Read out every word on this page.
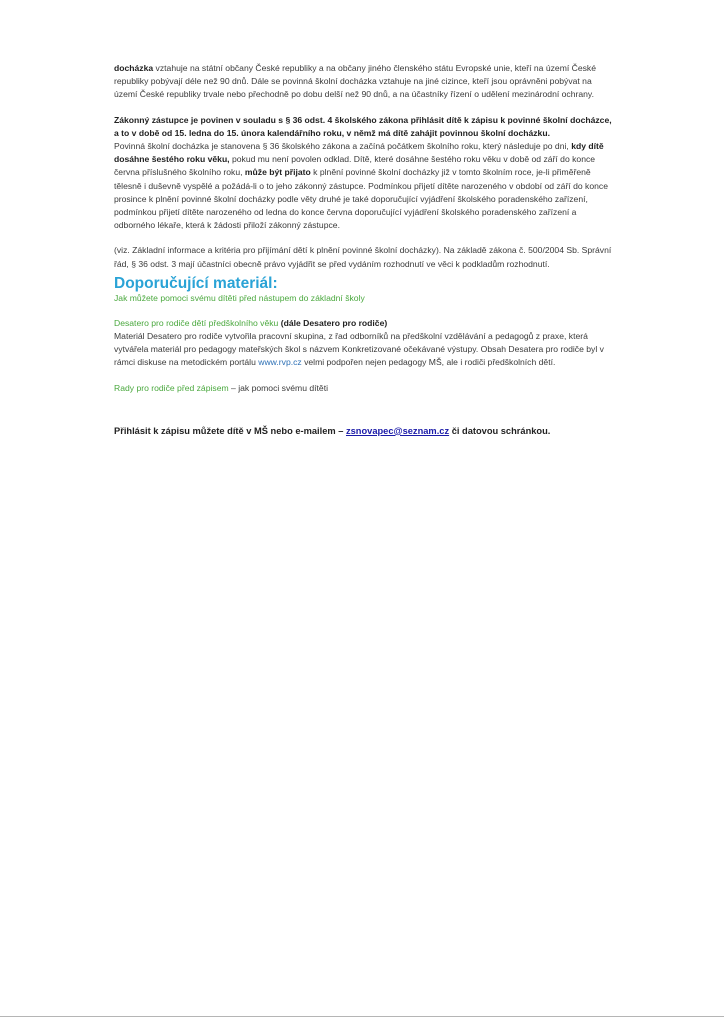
docházka vztahuje na státní občany České republiky a na občany jiného členského státu Evropské unie, kteří na území České republiky pobývají déle než 90 dnů. Dále se povinná školní docházka vztahuje na jiné cizince, kteří jsou oprávněni pobývat na území České republiky trvale nebo přechodně po dobu delší než 90 dnů, a na účastníky řízení o udělení mezinárodní ochrany.

Zákonný zástupce je povinen v souladu s § 36 odst. 4 školského zákona přihlásit dítě k zápisu k povinné školní docházce, a to v době od 15. ledna do 15. února kalendářního roku, v němž má dítě zahájit povinnou školní docházku.

Povinná školní docházka je stanovena § 36 školského zákona a začíná počátkem školního roku, který následuje po dni, kdy dítě dosáhne šestého roku věku, pokud mu není povolen odklad. Dítě, které dosáhne šestého roku věku v době od září do konce června příslušného školního roku, může být přijato k plnění povinné školní docházky již v tomto školním roce, je-li přiměřeně tělesně i duševně vyspělé a požádá-li o to jeho zákonný zástupce. Podmínkou přijetí dítěte narozeného v období od září do konce prosince k plnění povinné školní docházky podle věty druhé je také doporučující vyjádření školského poradenského zařízení, podmínkou přijetí dítěte narozeného od ledna do konce června doporučující vyjádření školského poradenského zařízení a odborného lékaře, která k žádosti přiloží zákonný zástupce.

(viz. Základní informace a kritéria pro přijímání dětí k plnění povinné školní docházky). Na základě zákona č. 500/2004 Sb. Správní řád, § 36 odst. 3 mají účastníci obecně právo vyjádřit se před vydáním rozhodnutí ve věci k podkladům rozhodnutí.

Doporučující materiál:

Jak můžete pomoci svému dítěti před nástupem do základní školy

Desatero pro rodiče dětí předškolního věku (dále Desatero pro rodiče)

Materiál Desatero pro rodiče vytvořila pracovní skupina, z řad odborníků na předškolní vzdělávání a pedagogů z praxe, která vytvářela materiál pro pedagogy mateřských škol s názvem Konkretizované očekávané výstupy. Obsah Desatera pro rodiče byl v rámci diskuse na metodickém portálu www.rvp.cz velmi podpořen nejen pedagogy MŠ, ale i rodiči předškolních dětí.

Rady pro rodiče před zápisem – jak pomoci svému dítěti

Přihlásit k zápisu můžete dítě v MŠ nebo e-mailem – zsnovapec@seznam.cz či datovou schránkou.
